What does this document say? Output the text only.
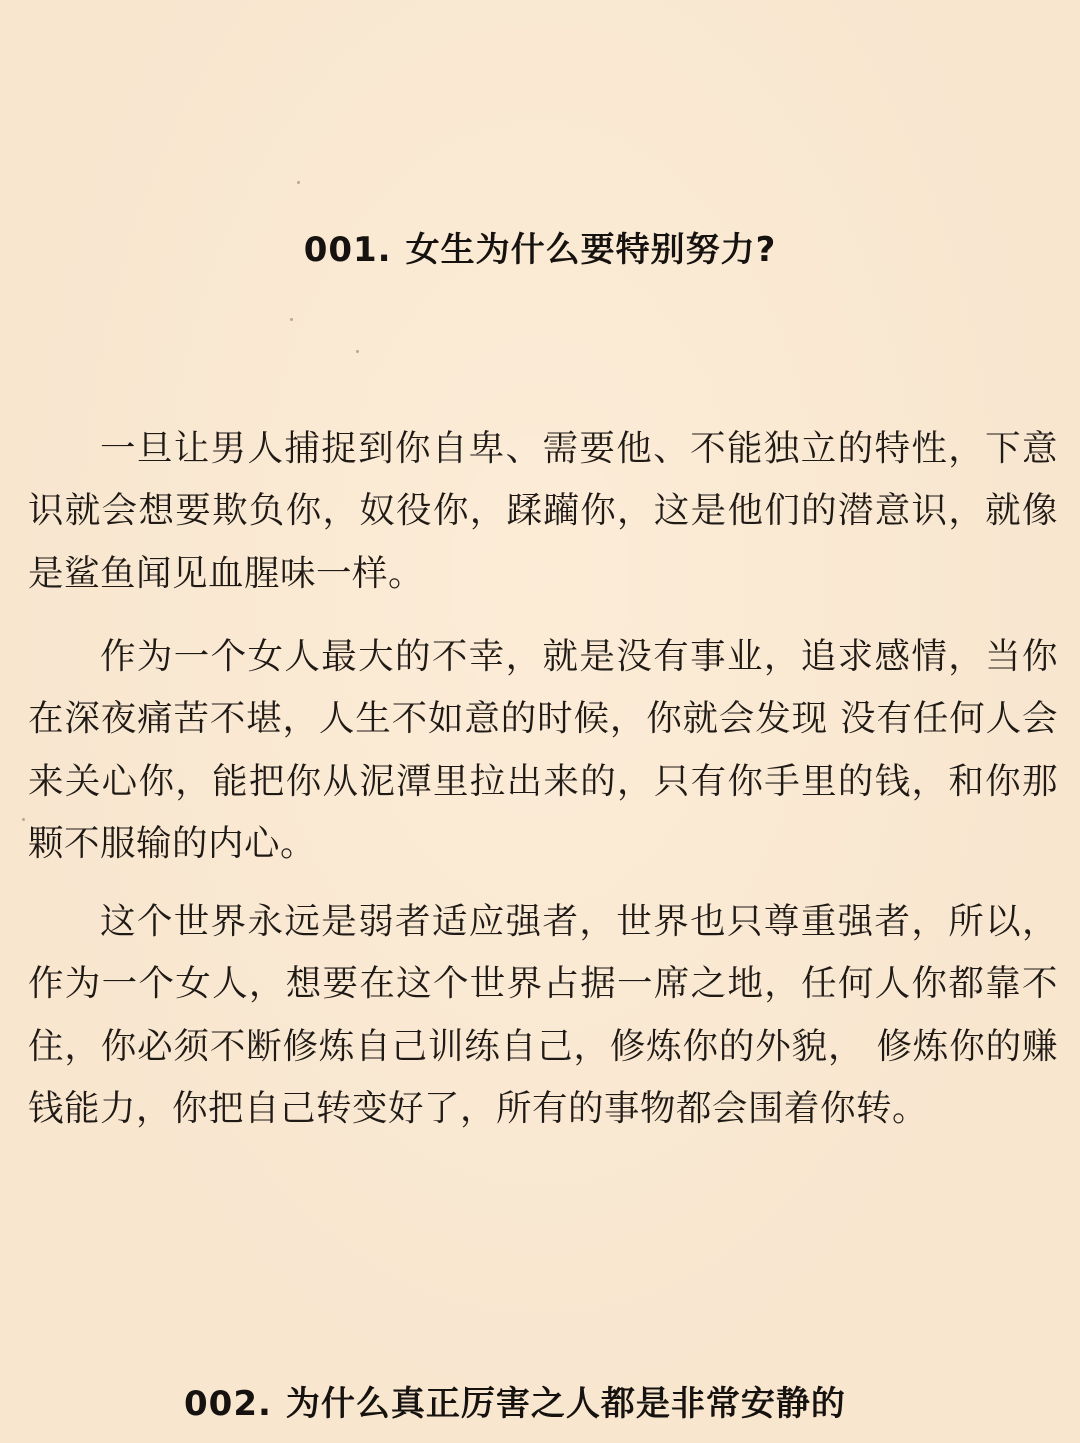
001. 女生为什么要特别努力?

一旦让男人捕捉到你自卑、需要他、不能独立的特性，下意识就会想要欺负你，奴役你，蹂躏你，这是他们的潜意识，就像是鲨鱼闻见血腥味一样。

作为一个女人最大的不幸，就是没有事业，追求感情，当你在深夜痛苦不堪，人生不如意的时候，你就会发现 没有任何人会来关心你，能把你从泥潭里拉出来的，只有你手里的钱，和你那颗不服输的内心。

这个世界永远是弱者适应强者，世界也只尊重强者，所以，作为一个女人，想要在这个世界占据一席之地，任何人你都靠不住，你必须不断修炼自己训练自己，修炼你的外貌， 修炼你的赚钱能力，你把自己转变好了，所有的事物都会围着你转。

002. 为什么真正厉害之人都是非常安静的
